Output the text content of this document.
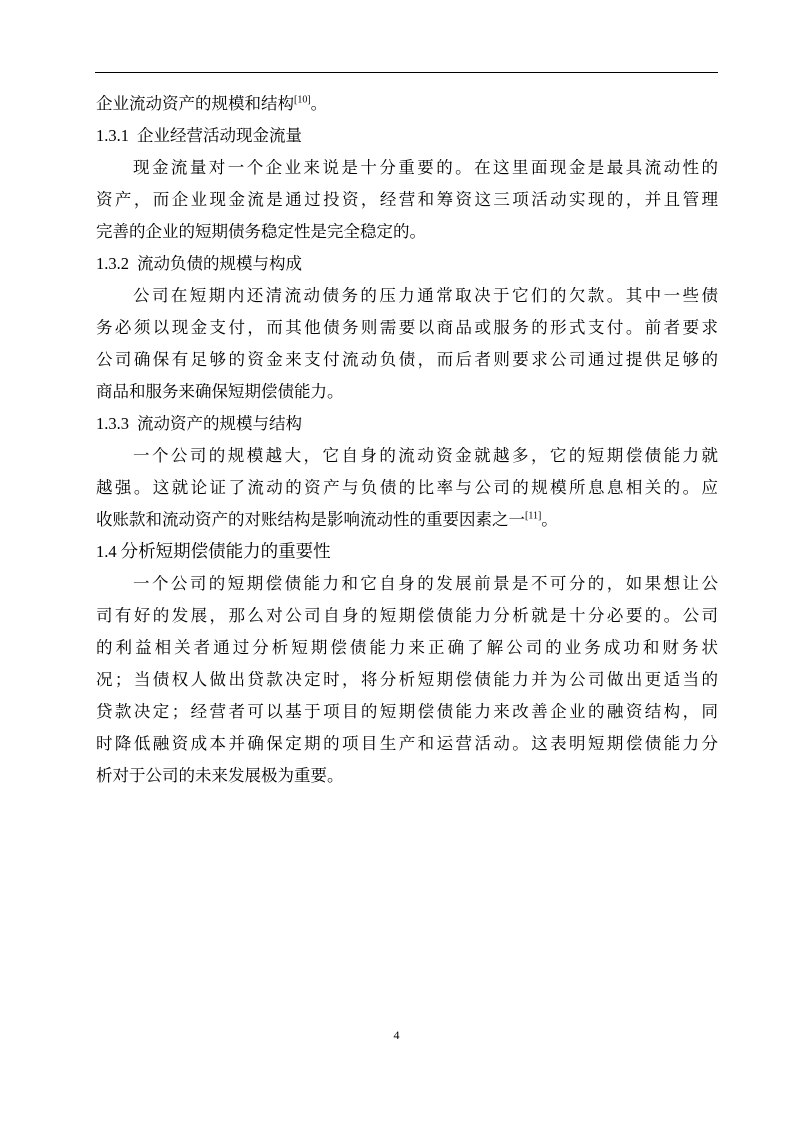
企业流动资产的规模和结构[10]。
1.3.1 企业经营活动现金流量
现金流量对一个企业来说是十分重要的。在这里面现金是最具流动性的
资产，而企业现金流是通过投资，经营和筹资这三项活动实现的，并且管理
完善的企业的短期债务稳定性是完全稳定的。
1.3.2 流动负债的规模与构成
公司在短期内还清流动债务的压力通常取决于它们的欠款。其中一些债
务必须以现金支付，而其他债务则需要以商品或服务的形式支付。前者要求
公司确保有足够的资金来支付流动负债，而后者则要求公司通过提供足够的
商品和服务来确保短期偿债能力。
1.3.3 流动资产的规模与结构
一个公司的规模越大，它自身的流动资金就越多，它的短期偿债能力就
越强。这就论证了流动的资产与负债的比率与公司的规模所息息相关的。应
收账款和流动资产的对账结构是影响流动性的重要因素之一[11]。
1.4 分析短期偿债能力的重要性
一个公司的短期偿债能力和它自身的发展前景是不可分的，如果想让公
司有好的发展，那么对公司自身的短期偿债能力分析就是十分必要的。公司
的利益相关者通过分析短期偿债能力来正确了解公司的业务成功和财务状
况；当债权人做出贷款决定时，将分析短期偿债能力并为公司做出更适当的
贷款决定；经营者可以基于项目的短期偿债能力来改善企业的融资结构，同
时降低融资成本并确保定期的项目生产和运营活动。这表明短期偿债能力分
析对于公司的未来发展极为重要。
4
